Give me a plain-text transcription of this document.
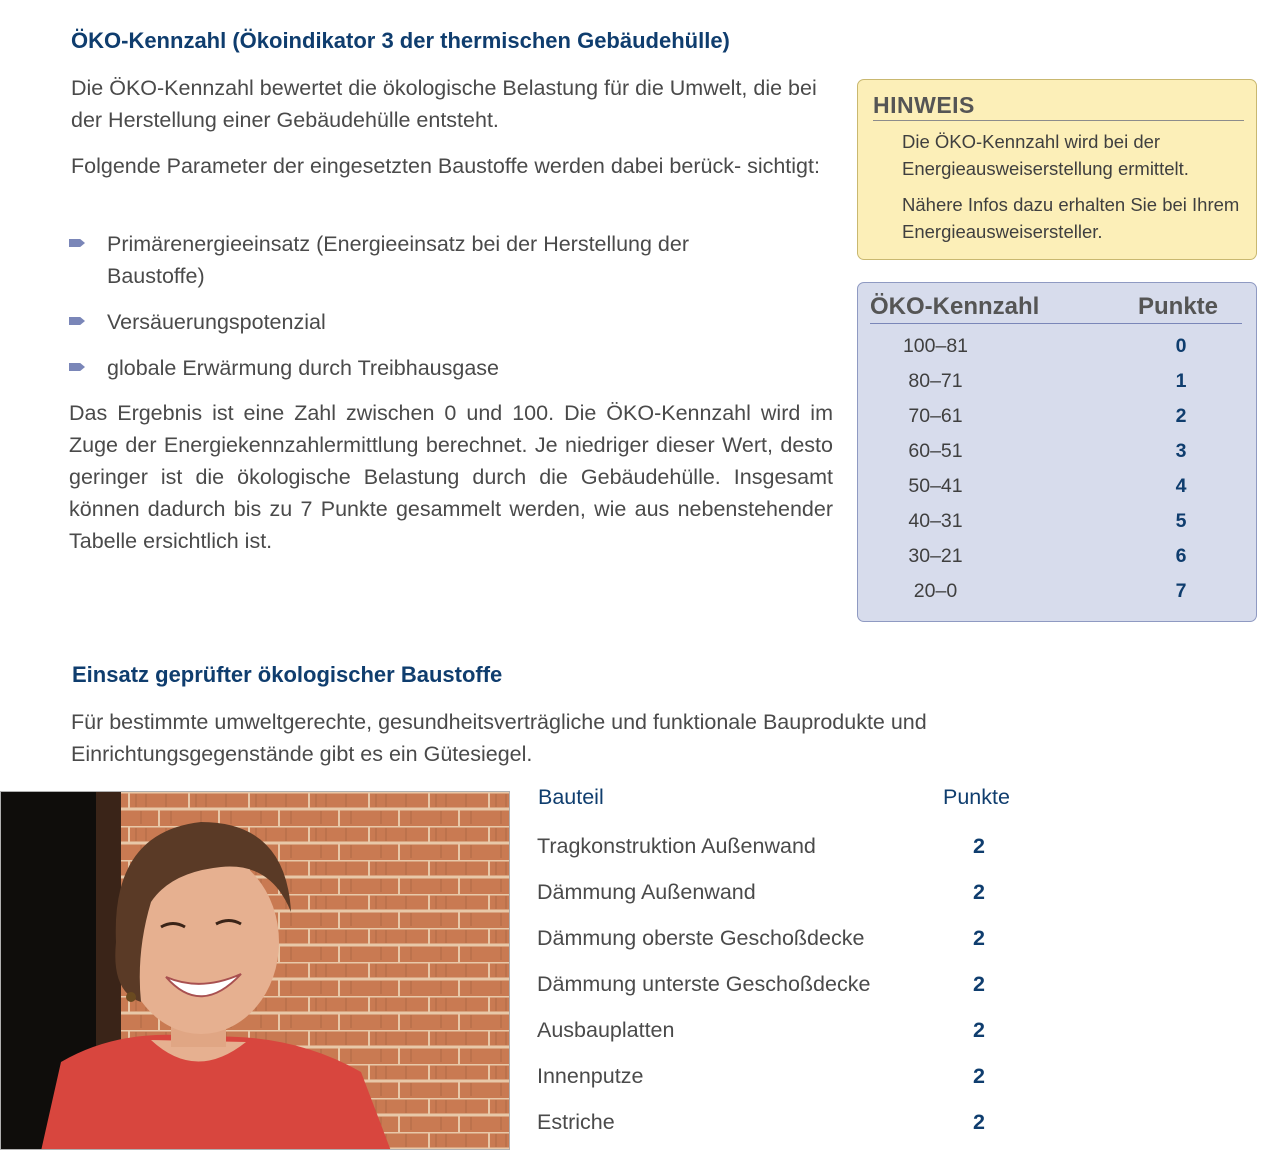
ÖKO-Kennzahl (Ökoindikator 3 der thermischen Gebäudehülle)
Die ÖKO-Kennzahl bewertet die ökologische Belastung für die Umwelt, die bei der Herstellung einer Gebäudehülle entsteht.
Folgende Parameter der eingesetzten Baustoffe werden dabei berück- sichtigt:
Primärenergieeinsatz (Energieeinsatz bei der Herstellung der Baustoffe)
Versäuerungspotenzial
globale Erwärmung durch Treibhausgase
Das Ergebnis ist eine Zahl zwischen 0 und 100. Die ÖKO-Kennzahl wird im Zuge der Energiekennzahlermittlung berechnet. Je niedriger dieser Wert, desto geringer ist die ökologische Belastung durch die Gebäudehülle. Insgesamt können dadurch bis zu 7 Punkte gesammelt werden, wie aus nebenstehender Tabelle ersichtlich ist.
HINWEIS
Die ÖKO-Kennzahl wird bei der Energieausweiserstellung ermittelt.
Nähere Infos dazu erhalten Sie bei Ihrem Energieausweisersteller.
ÖKO-Kennzahl	Punkte
100–81	0
80–71	1
70–61	2
60–51	3
50–41	4
40–31	5
30–21	6
20–0	7
Einsatz geprüfter ökologischer Baustoffe
Für bestimmte umweltgerechte, gesundheitsverträgliche und funktionale Bauprodukte und Einrichtungsgegenstände gibt es ein Gütesiegel.
Bauteil	Punkte
Tragkonstruktion Außenwand	2
Dämmung Außenwand	2
Dämmung oberste Geschoßdecke	2
Dämmung unterste Geschoßdecke	2
Ausbauplatten	2
Innenputze	2
Estriche	2
